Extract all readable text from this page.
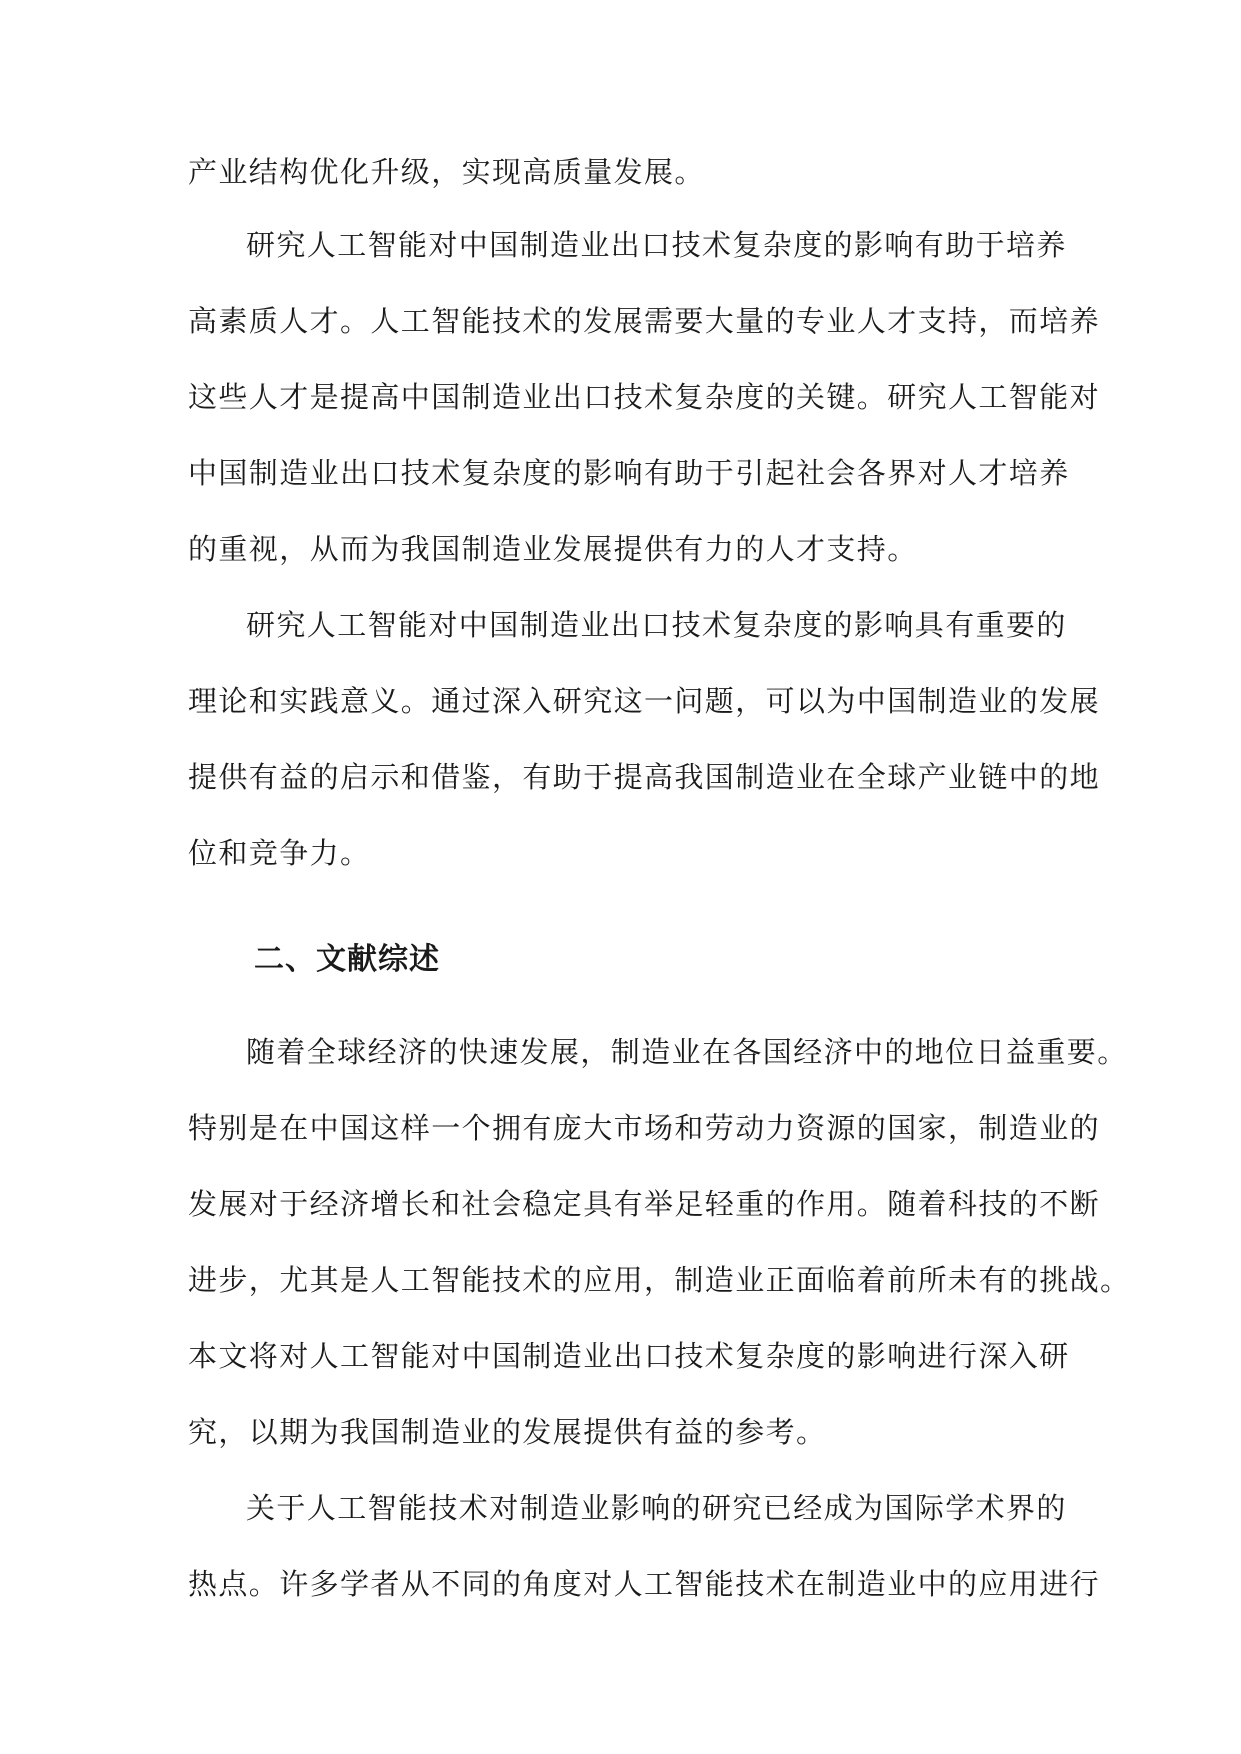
产业结构优化升级，实现高质量发展。
研究人工智能对中国制造业出口技术复杂度的影响有助于培养
高素质人才。人工智能技术的发展需要大量的专业人才支持，而培养
这些人才是提高中国制造业出口技术复杂度的关键。研究人工智能对
中国制造业出口技术复杂度的影响有助于引起社会各界对人才培养
的重视，从而为我国制造业发展提供有力的人才支持。
研究人工智能对中国制造业出口技术复杂度的影响具有重要的
理论和实践意义。通过深入研究这一问题，可以为中国制造业的发展
提供有益的启示和借鉴，有助于提高我国制造业在全球产业链中的地
位和竞争力。
二、文献综述
随着全球经济的快速发展，制造业在各国经济中的地位日益重要。
特别是在中国这样一个拥有庞大市场和劳动力资源的国家，制造业的
发展对于经济增长和社会稳定具有举足轻重的作用。随着科技的不断
进步，尤其是人工智能技术的应用，制造业正面临着前所未有的挑战。
本文将对人工智能对中国制造业出口技术复杂度的影响进行深入研
究，以期为我国制造业的发展提供有益的参考。
关于人工智能技术对制造业影响的研究已经成为国际学术界的
热点。许多学者从不同的角度对人工智能技术在制造业中的应用进行
